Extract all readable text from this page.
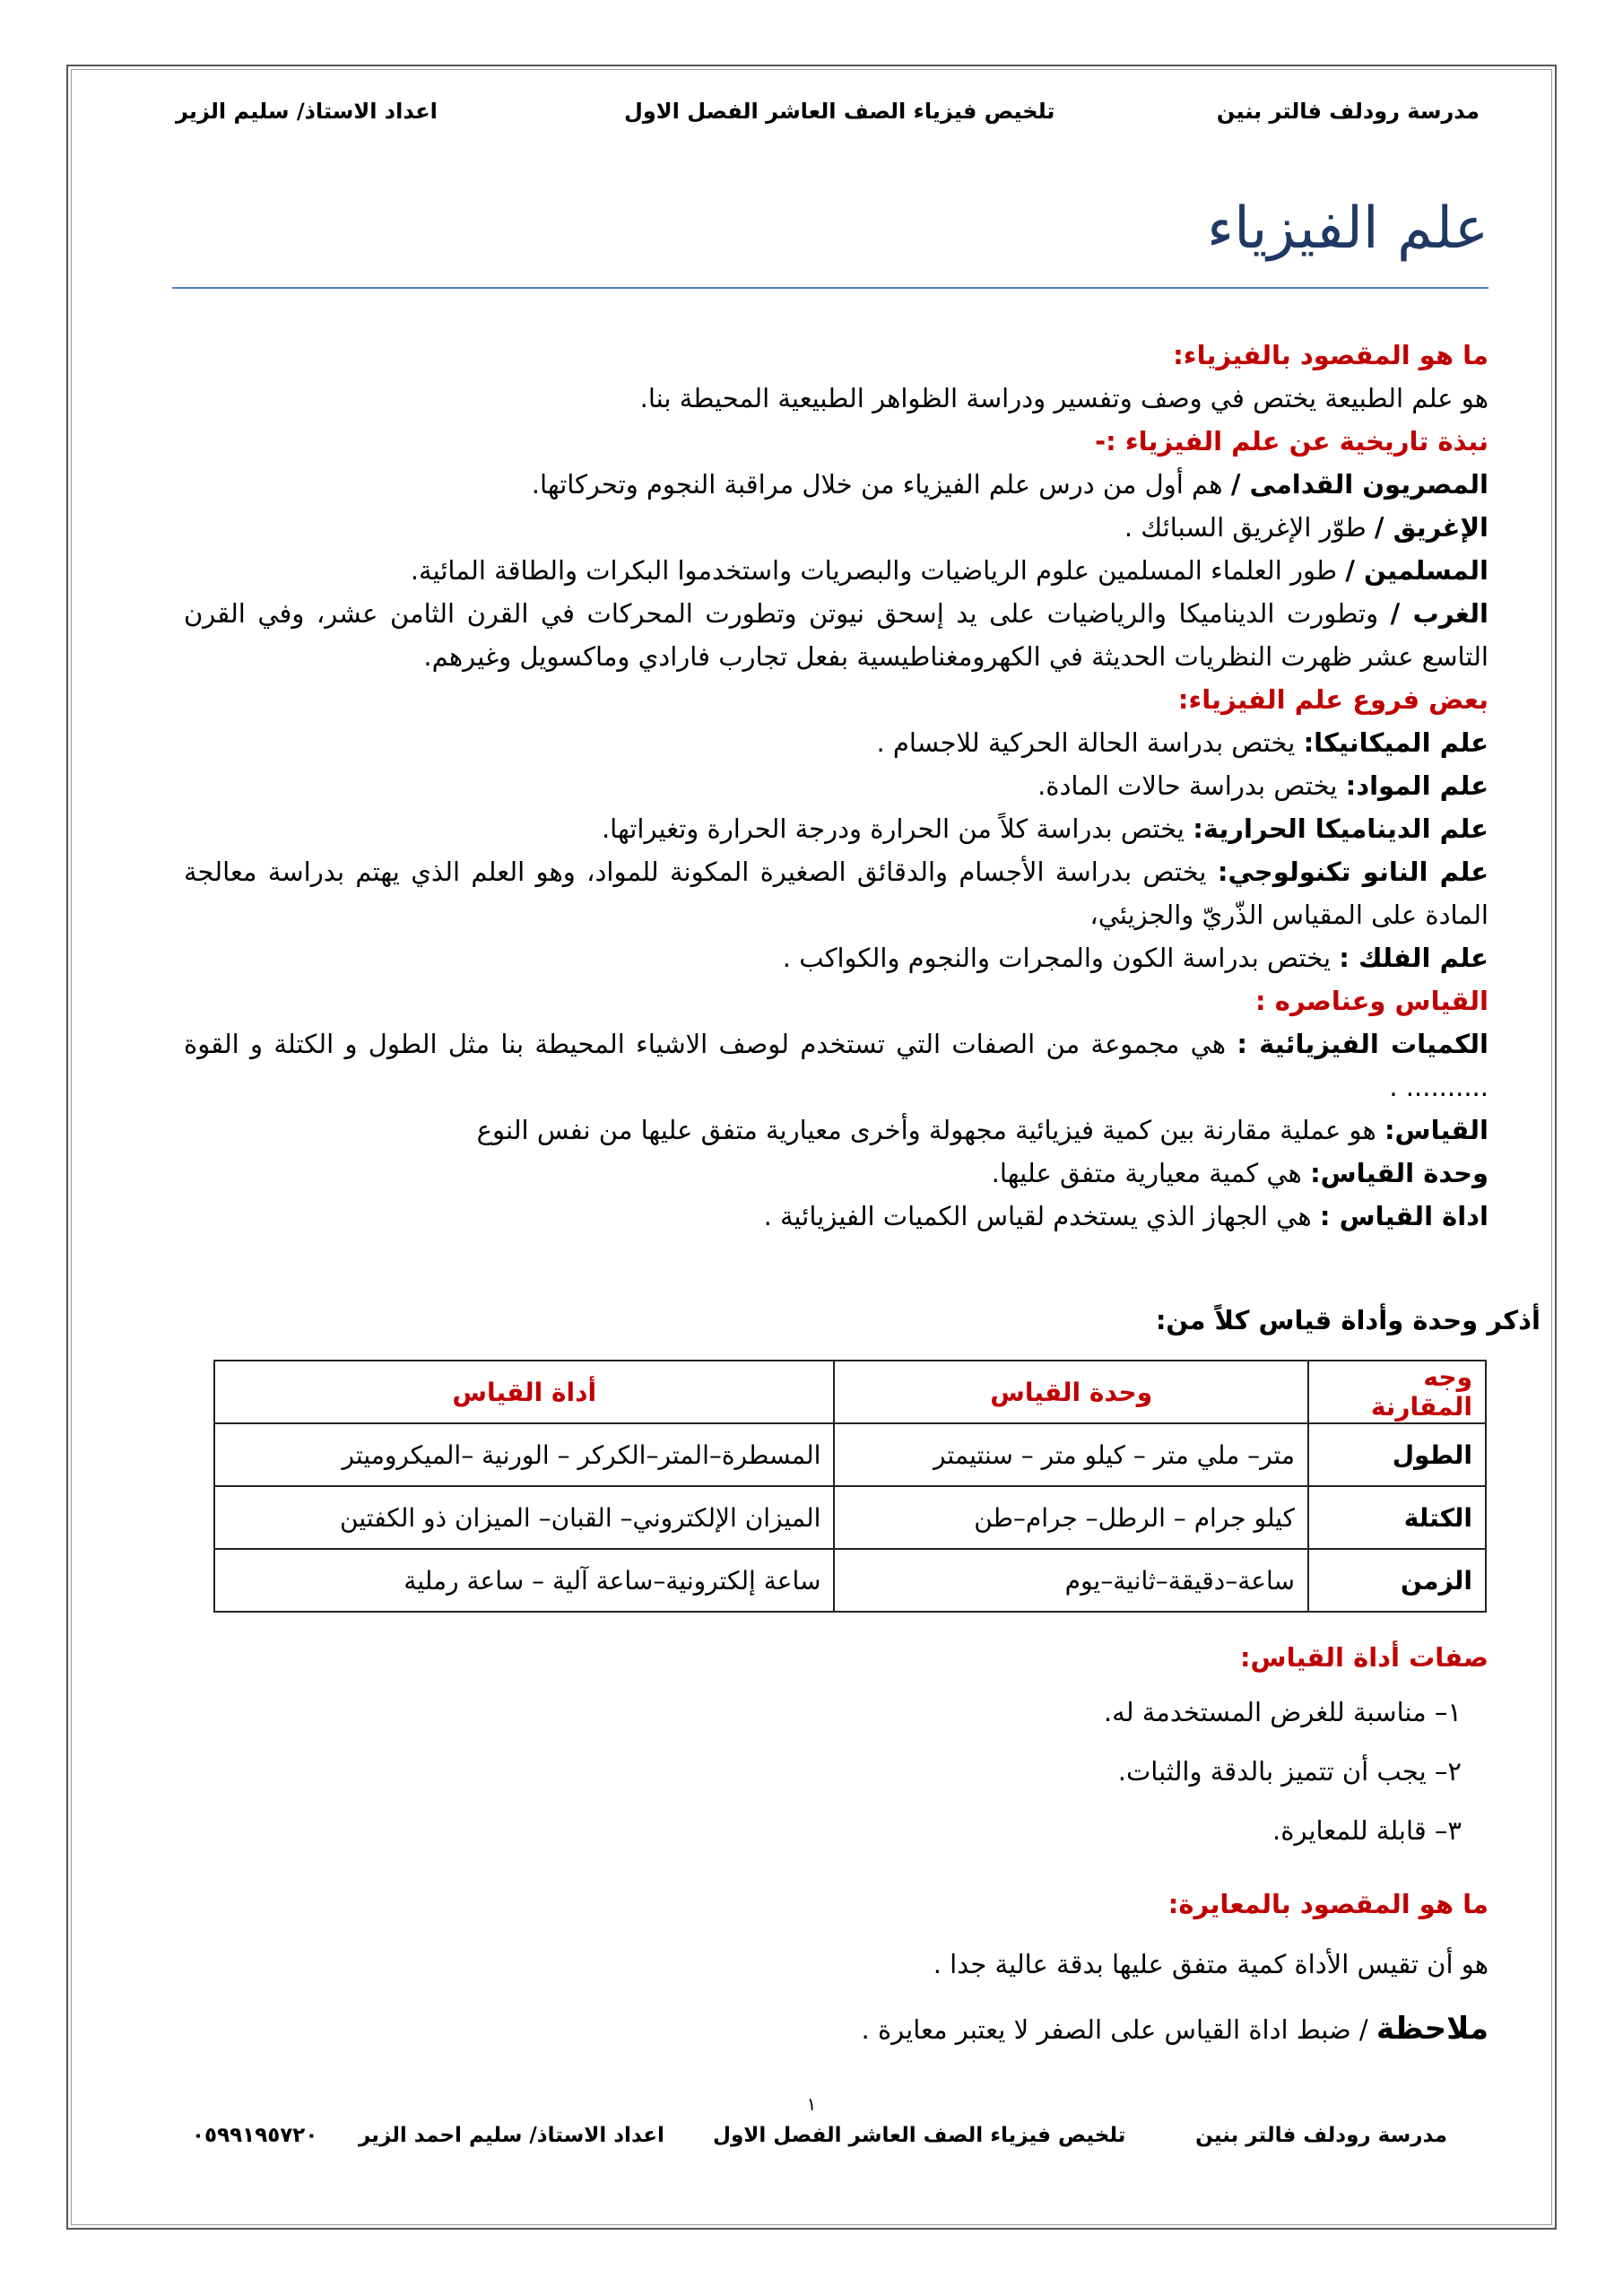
مدرسة رودلف فالتر بنين
تلخيص فيزياء الصف العاشر الفصل الاول
اعداد الاستاذ/ سليم الزير
علم الفيزياء

ما هو المقصود بالفيزياء:

هو علم الطبيعة يختص في وصف وتفسير ودراسة الظواهر الطبيعية المحيطة بنا.

نبذة تاريخية عن علم الفيزياء :-

المصريون القدامى / هم أول من درس علم الفيزياء من خلال مراقبة النجوم وتحركاتها.

الإغريق / طوّر الإغريق السبائك .

المسلمين / طور العلماء المسلمين علوم الرياضيات والبصريات واستخدموا البكرات والطاقة المائية.

الغرب / وتطورت الديناميكا والرياضيات على يد إسحق نيوتن وتطورت المحركات في القرن الثامن عشر، وفي القرن التاسع عشر ظهرت النظريات الحديثة في الكهرومغناطيسية بفعل تجارب فارادي وماكسويل وغيرهم.

بعض فروع علم الفيزياء:

علم الميكانيكا: يختص بدراسة الحالة الحركية للاجسام .

علم المواد: يختص بدراسة حالات المادة.

علم الديناميكا الحرارية: يختص بدراسة كلاً من الحرارة ودرجة الحرارة وتغيراتها.

علم النانو تكنولوجي: يختص بدراسة الأجسام والدقائق الصغيرة المكونة للمواد، وهو العلم الذي يهتم بدراسة معالجة المادة على المقياس الذّريّ والجزيئي،

علم الفلك : يختص بدراسة الكون والمجرات والنجوم والكواكب .

القياس وعناصره :

الكميات الفيزيائية : هي مجموعة من الصفات التي تستخدم لوصف الاشياء المحيطة بنا مثل الطول و الكتلة و القوة .......... .

القياس: هو عملية مقارنة بين كمية فيزيائية مجهولة وأخرى معيارية متفق عليها من نفس النوع

وحدة القياس: هي كمية معيارية متفق عليها.

اداة القياس : هي الجهاز الذي يستخدم لقياس الكميات الفيزيائية .

أذكر وحدة وأداة قياس كلاً من:
وجه المقارنة	وحدة القياس	أداة القياس
الطول	متر– ملي متر – كيلو متر – سنتيمتر	المسطرة–المتر–الكركر – الورنية –الميكروميتر
الكتلة	كيلو جرام – الرطل– جرام–طن	الميزان الإلكتروني– القبان– الميزان ذو الكفتين
الزمن	ساعة–دقيقة–ثانية–يوم	ساعة إلكترونية–ساعة آلية – ساعة رملية

صفات أداة القياس:

١– مناسبة للغرض المستخدمة له.

٢– يجب أن تتميز بالدقة والثبات.

٣– قابلة للمعايرة.

ما هو المقصود بالمعايرة:

هو أن تقيس الأداة كمية متفق عليها بدقة عالية جدا .

ملاحظة / ضبط اداة القياس على الصفر لا يعتبر معايرة .

١
مدرسة رودلف فالتر بنين
تلخيص فيزياء الصف العاشر الفصل الاول
اعداد الاستاذ/ سليم احمد الزير
٠٥٩٩١٩٥٧٢٠
